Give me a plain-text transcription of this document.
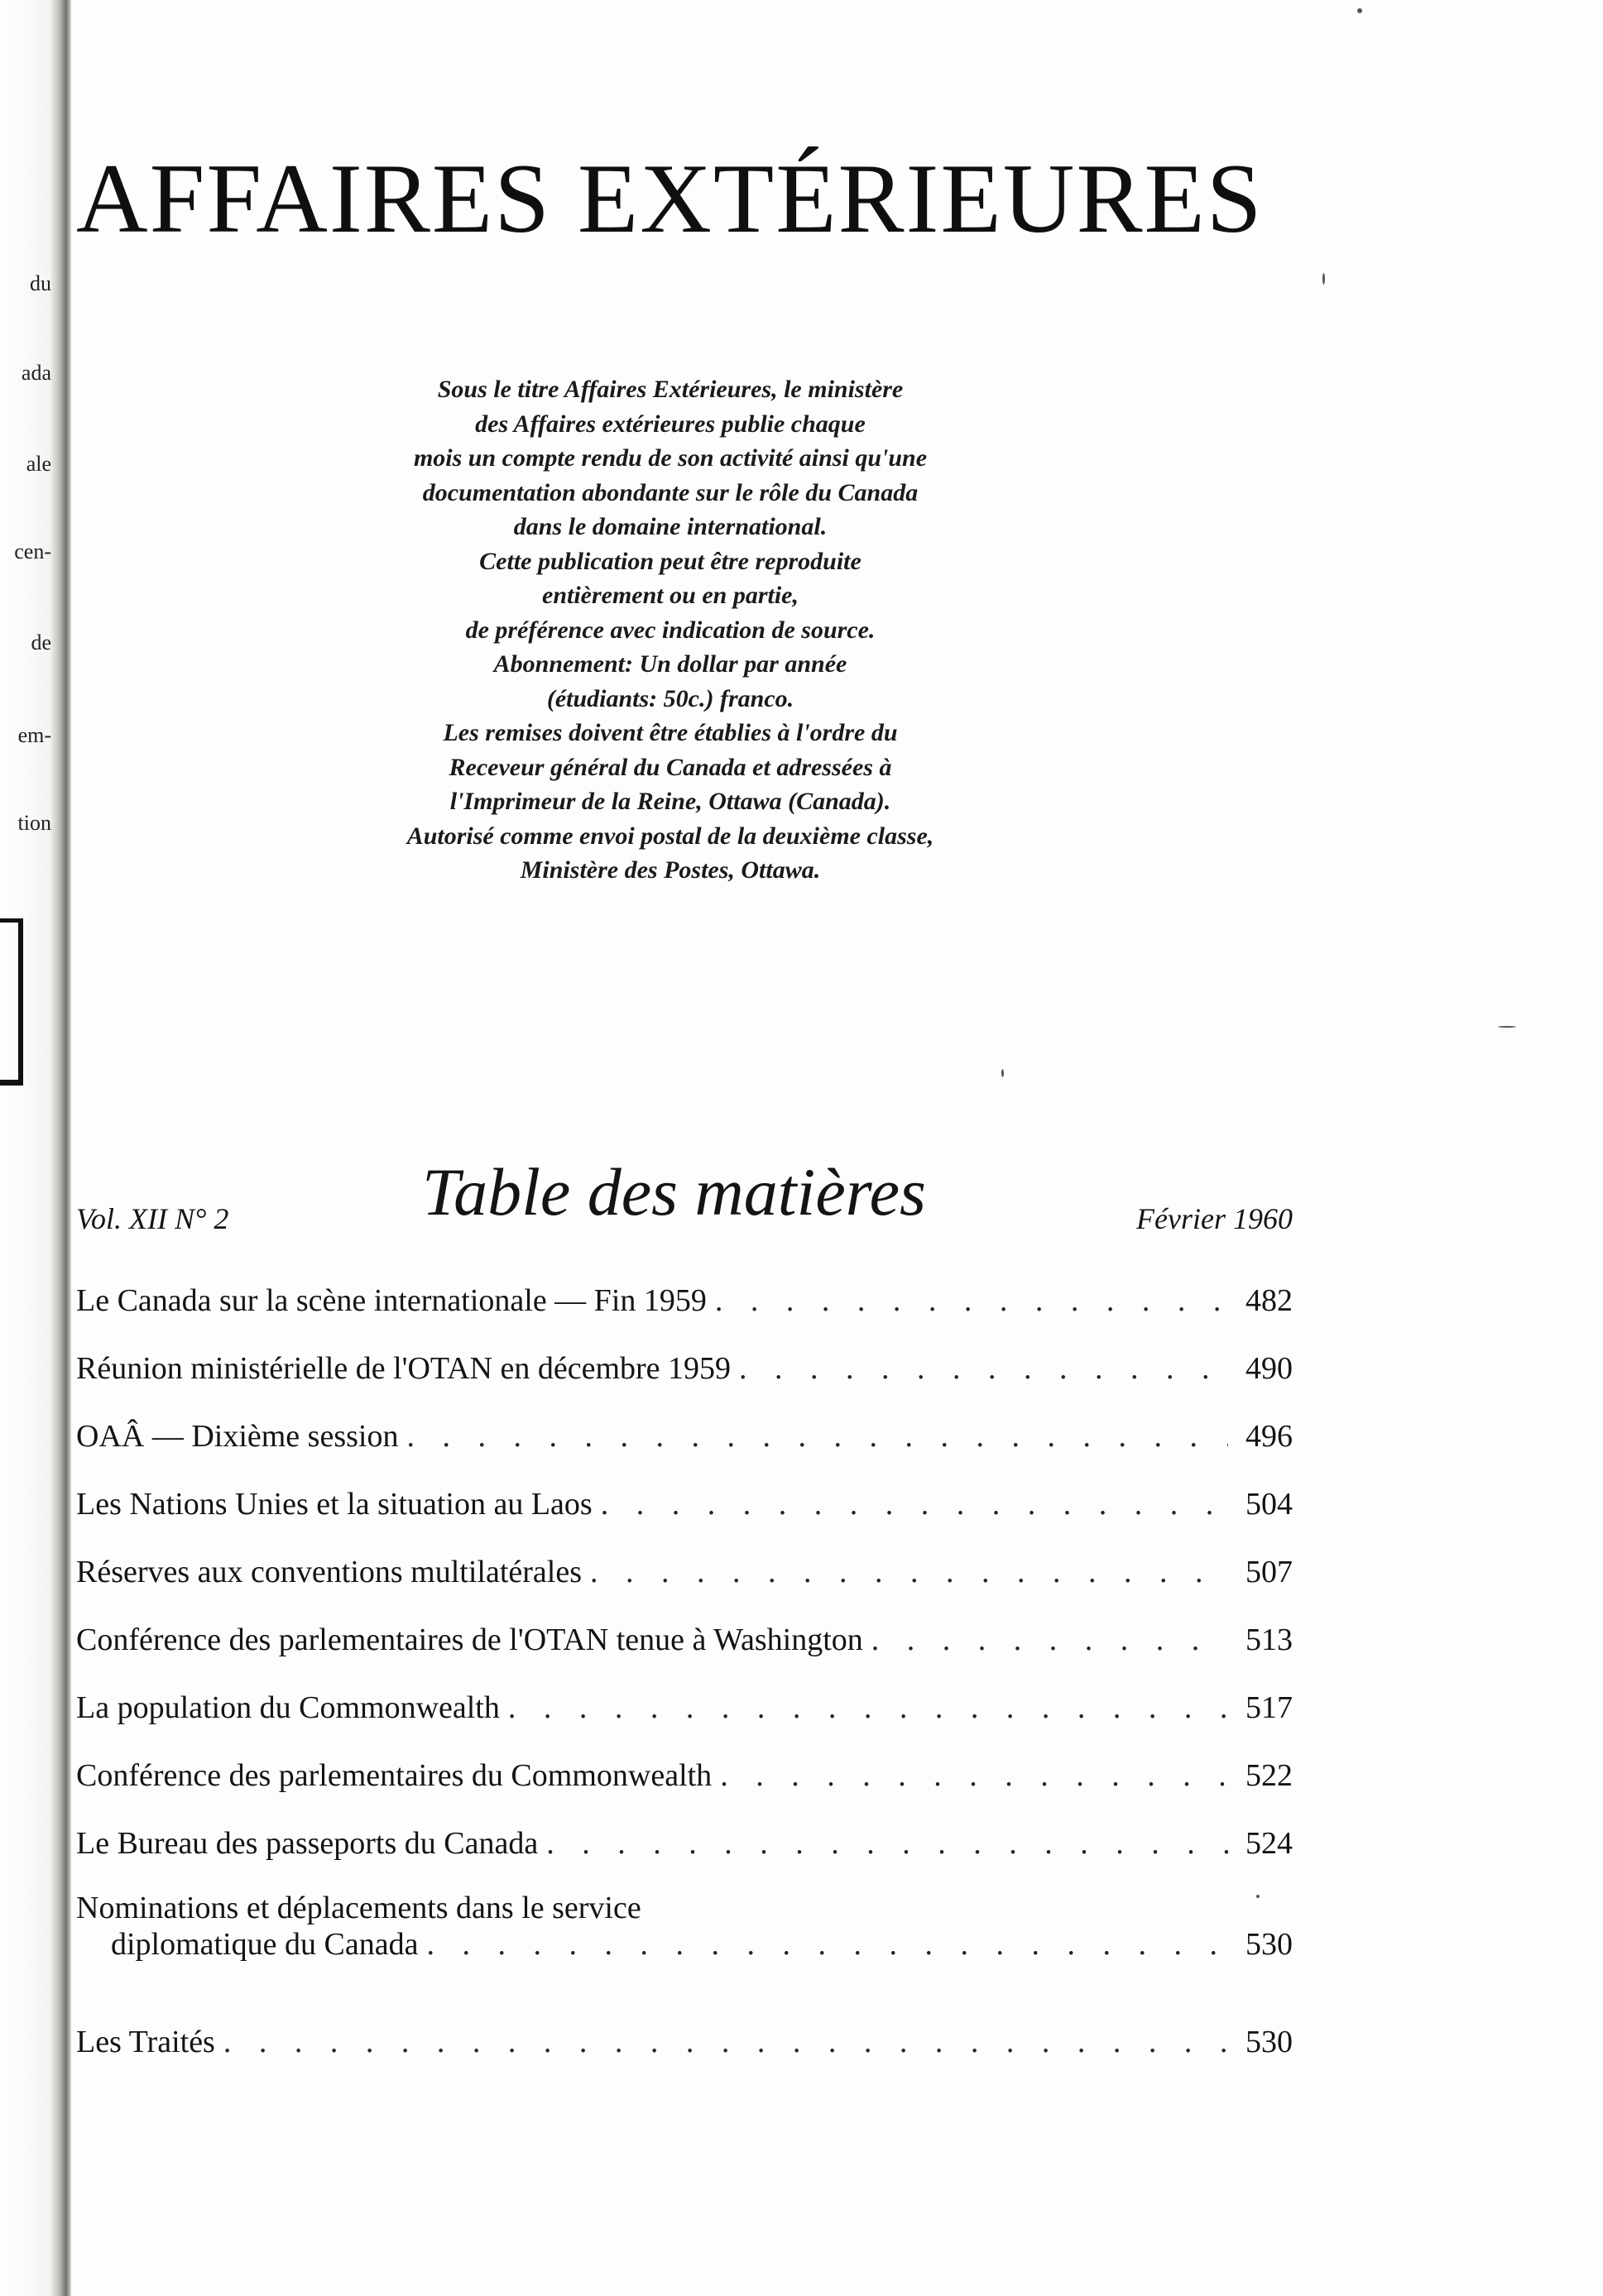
du
ada
ale
cen-
de
em-
tion
AFFAIRES EXTÉRIEURES
Sous le titre Affaires Extérieures, le ministère
des Affaires extérieures publie chaque
mois un compte rendu de son activité ainsi qu'une
documentation abondante sur le rôle du Canada
dans le domaine international.
Cette publication peut être reproduite
entièrement ou en partie,
de préférence avec indication de source.
Abonnement: Un dollar par année
(étudiants: 50c.) franco.
Les remises doivent être établies à l'ordre du
Receveur général du Canada et adressées à
l'Imprimeur de la Reine, Ottawa (Canada).
Autorisé comme envoi postal de la deuxième classe,
Ministère des Postes, Ottawa.
Vol. XII N° 2	Table des matières	Février 1960
Le Canada sur la scène internationale — Fin 1959 . . .	482
Réunion ministérielle de l'OTAN en décembre 1959 . . .	490
OAÂ — Dixième session . . .	496
Les Nations Unies et la situation au Laos . . .	504
Réserves aux conventions multilatérales . . .	507
Conférence des parlementaires de l'OTAN tenue à Washington . . .	513
La population du Commonwealth . . .	517
Conférence des parlementaires du Commonwealth . . .	522
Le Bureau des passeports du Canada . . .	524
Nominations et déplacements dans le service
diplomatique du Canada . . .	530
Les Traités . . .	530
